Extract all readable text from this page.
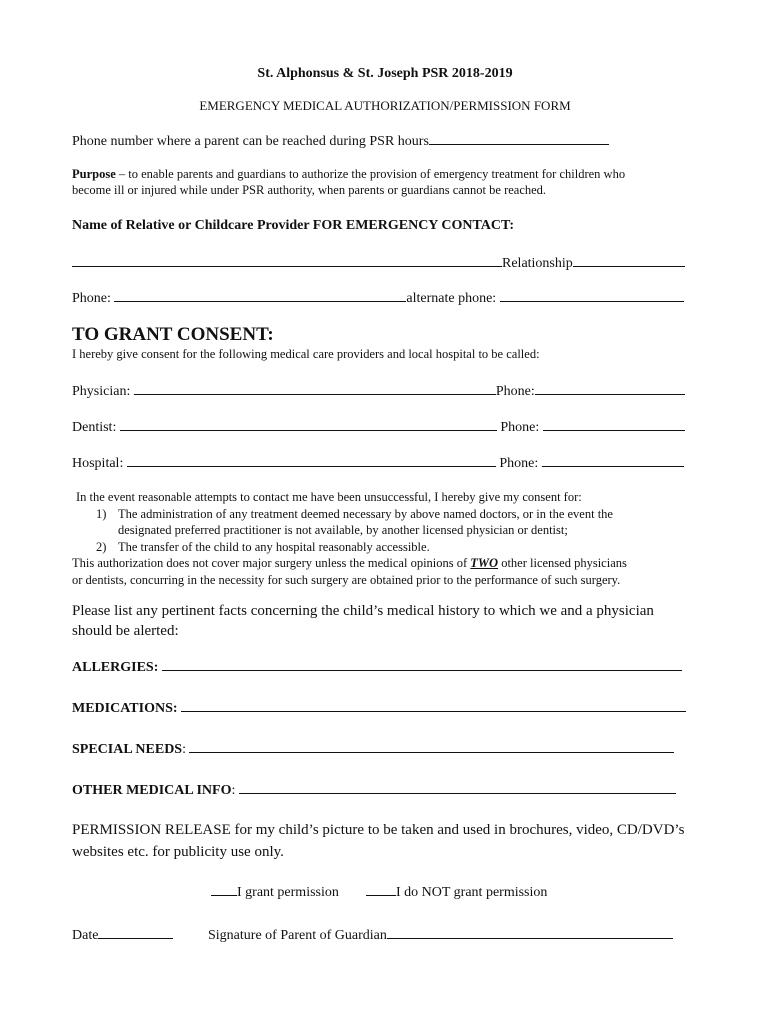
St. Alphonsus & St. Joseph PSR 2018-2019
EMERGENCY MEDICAL AUTHORIZATION/PERMISSION FORM
Phone number where a parent can be reached during PSR hours
Purpose – to enable parents and guardians to authorize the provision of emergency treatment for children who
become ill or injured while under PSR authority, when parents or guardians cannot be reached.
Name of Relative or Childcare Provider FOR EMERGENCY CONTACT:
Relationship
Phone:	alternate phone:
TO GRANT CONSENT:
I hereby give consent for the following medical care providers and local hospital to be called:
Physician:	Phone:
Dentist:	Phone:
Hospital:	Phone:
In the event reasonable attempts to contact me have been unsuccessful, I hereby give my consent for:
1) The administration of any treatment deemed necessary by above named doctors, or in the event the
designated preferred practitioner is not available, by another licensed physician or dentist;
2) The transfer of the child to any hospital reasonably accessible.
This authorization does not cover major surgery unless the medical opinions of TWO other licensed physicians
or dentists, concurring in the necessity for such surgery are obtained prior to the performance of such surgery.
Please list any pertinent facts concerning the child’s medical history to which we and a physician
should be alerted:
ALLERGIES:
MEDICATIONS:
SPECIAL NEEDS:
OTHER MEDICAL INFO:
PERMISSION RELEASE for my child’s picture to be taken and used in brochures, video, CD/DVD’s
websites etc. for publicity use only.
I grant permission	I do NOT grant permission
Date	Signature of Parent of Guardian
